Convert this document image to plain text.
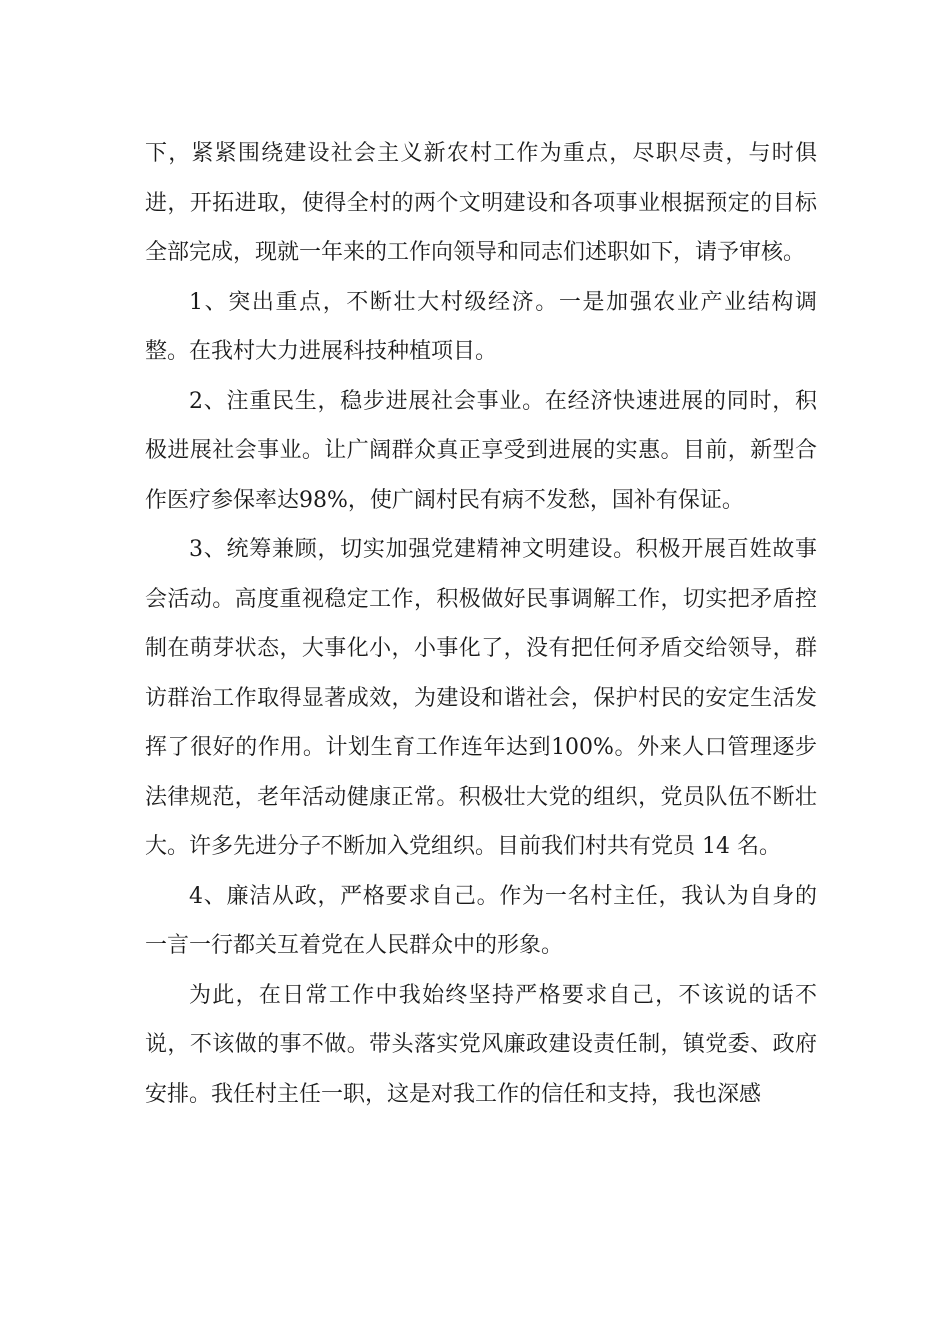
下，紧紧围绕建设社会主义新农村工作为重点，尽职尽责，与时俱进，开拓进取，使得全村的两个文明建设和各项事业根据预定的目标全部完成，现就一年来的工作向领导和同志们述职如下，请予审核。

1、突出重点，不断壮大村级经济。一是加强农业产业结构调整。在我村大力进展科技种植项目。

2、注重民生，稳步进展社会事业。在经济快速进展的同时，积极进展社会事业。让广阔群众真正享受到进展的实惠。目前，新型合作医疗参保率达98%，使广阔村民有病不发愁，国补有保证。

3、统筹兼顾，切实加强党建精神文明建设。积极开展百姓故事会活动。高度重视稳定工作，积极做好民事调解工作，切实把矛盾控制在萌芽状态，大事化小，小事化了，没有把任何矛盾交给领导，群访群治工作取得显著成效，为建设和谐社会，保护村民的安定生活发挥了很好的作用。计划生育工作连年达到100%。外来人口管理逐步法律规范，老年活动健康正常。积极壮大党的组织，党员队伍不断壮大。许多先进分子不断加入党组织。目前我们村共有党员 14 名。

4、廉洁从政，严格要求自己。作为一名村主任，我认为自身的一言一行都关互着党在人民群众中的形象。

为此，在日常工作中我始终坚持严格要求自己，不该说的话不说，不该做的事不做。带头落实党风廉政建设责任制，镇党委、政府安排。我任村主任一职，这是对我工作的信任和支持，我也深感
